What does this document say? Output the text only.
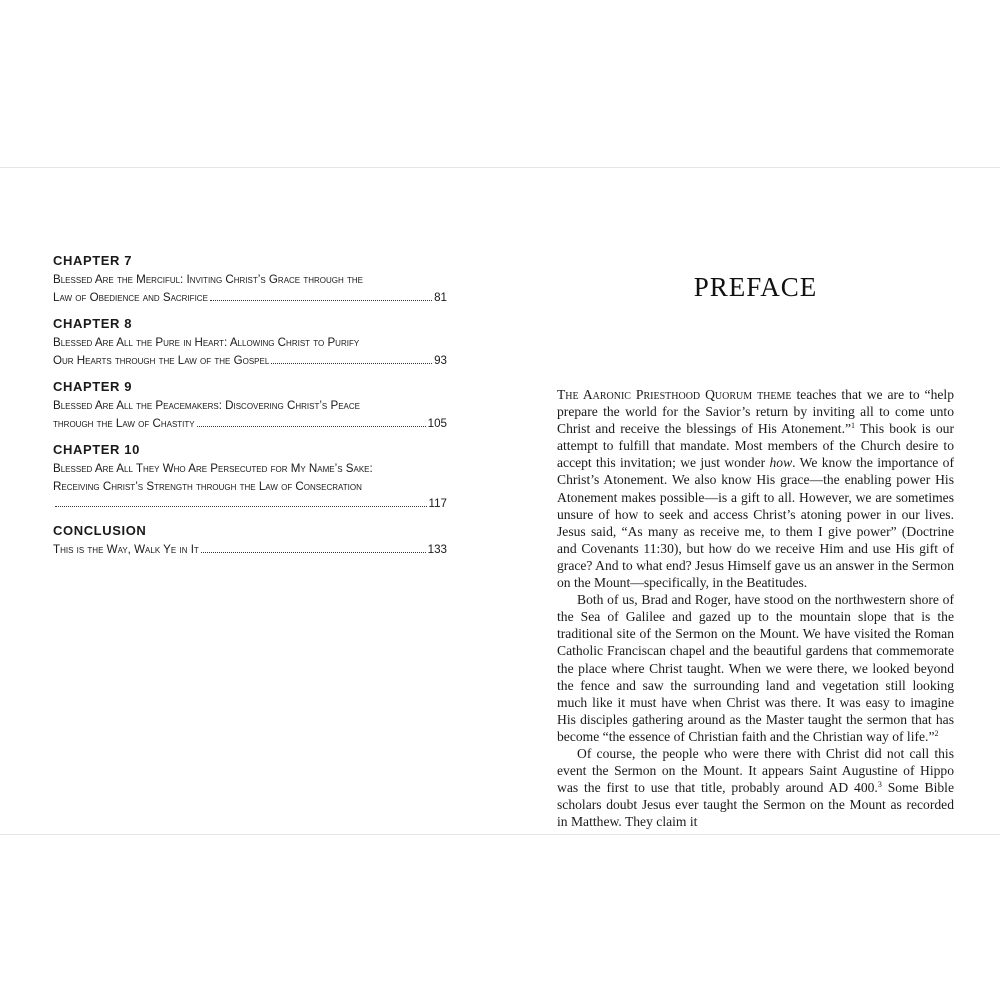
CHAPTER 7
Blessed Are the Merciful: Inviting Christ’s Grace through the
Law of Obedience and Sacrifice	81
CHAPTER 8
Blessed Are All the Pure in Heart: Allowing Christ to Purify
Our Hearts through the Law of the Gospel	93
CHAPTER 9
Blessed Are All the Peacemakers: Discovering Christ’s Peace
through the Law of Chastity	105
CHAPTER 10
Blessed Are All They Who Are Persecuted for My Name’s Sake:
Receiving Christ’s Strength through the Law of Consecration
117
CONCLUSION
This is the Way, Walk Ye in It	133
PREFACE

The Aaronic Priesthood Quorum theme teaches that we are to “help prepare the world for the Savior’s return by inviting all to come unto Christ and receive the blessings of His Atonement.”$^1$ This book is our attempt to fulfill that mandate. Most members of the Church desire to accept this invitation; we just wonder how. We know the importance of Christ’s Atonement. We also know His grace—the enabling power His Atonement makes possible—is a gift to all. However, we are sometimes unsure of how to seek and access Christ’s atoning power in our lives. Jesus said, “As many as receive me, to them I give power” (Doctrine and Covenants 11:30), but how do we receive Him and use His gift of grace? And to what end? Jesus Himself gave us an answer in the Sermon on the Mount—specifically, in the Beatitudes.

Both of us, Brad and Roger, have stood on the northwestern shore of the Sea of Galilee and gazed up to the mountain slope that is the traditional site of the Sermon on the Mount. We have visited the Roman Catholic Franciscan chapel and the beautiful gardens that commemorate the place where Christ taught. When we were there, we looked beyond the fence and saw the surrounding land and vegetation still looking much like it must have when Christ was there. It was easy to imagine His disciples gathering around as the Master taught the sermon that has become “the essence of Christian faith and the Christian way of life.”$^2$

Of course, the people who were there with Christ did not call this event the Sermon on the Mount. It appears Saint Augustine of Hippo was the first to use that title, probably around AD 400.$^3$ Some Bible scholars doubt Jesus ever taught the Sermon on the Mount as recorded in Matthew. They claim it
